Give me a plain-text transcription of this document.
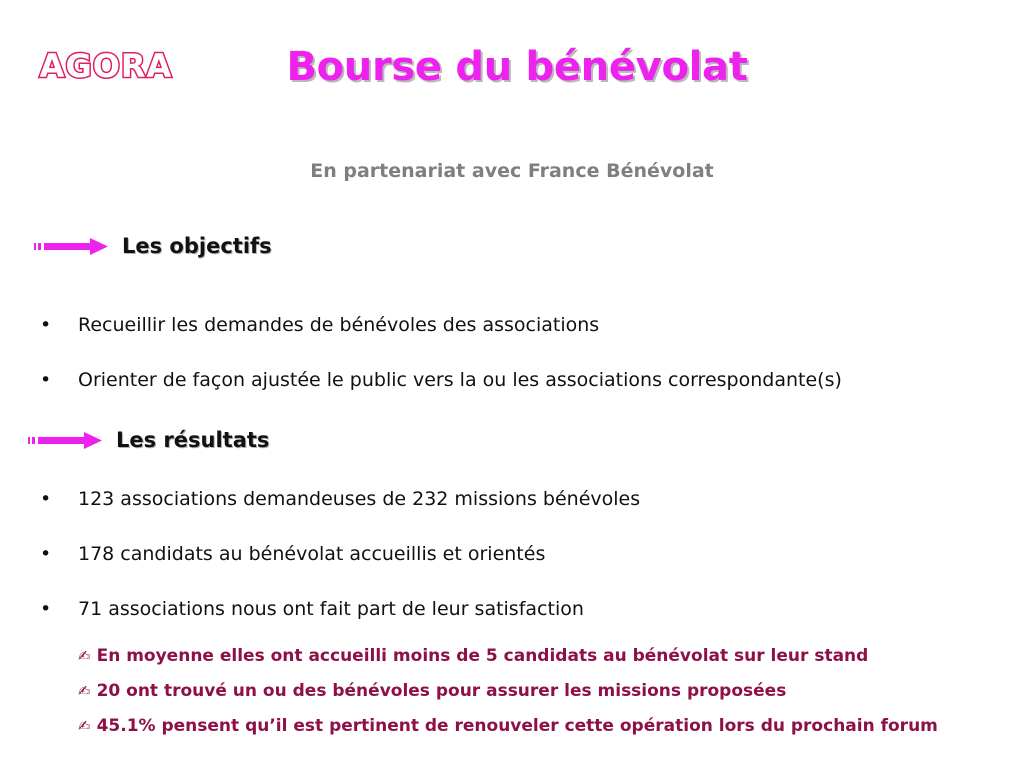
AGORA	Bourse du bénévolat
En partenariat avec France Bénévolat
Les objectifs
•	Recueillir les demandes de bénévoles des associations
•	Orienter de façon ajustée le public vers la ou les associations correspondante(s)
Les résultats
•	123 associations demandeuses de 232 missions bénévoles
•	178 candidats au bénévolat accueillis et orientés
•	71 associations nous ont fait part de leur satisfaction
✍ En moyenne elles ont accueilli moins de 5 candidats au bénévolat sur leur stand
✍ 20 ont trouvé un ou des bénévoles pour assurer les missions proposées
✍ 45.1% pensent qu’il est pertinent de renouveler cette opération lors du prochain forum
